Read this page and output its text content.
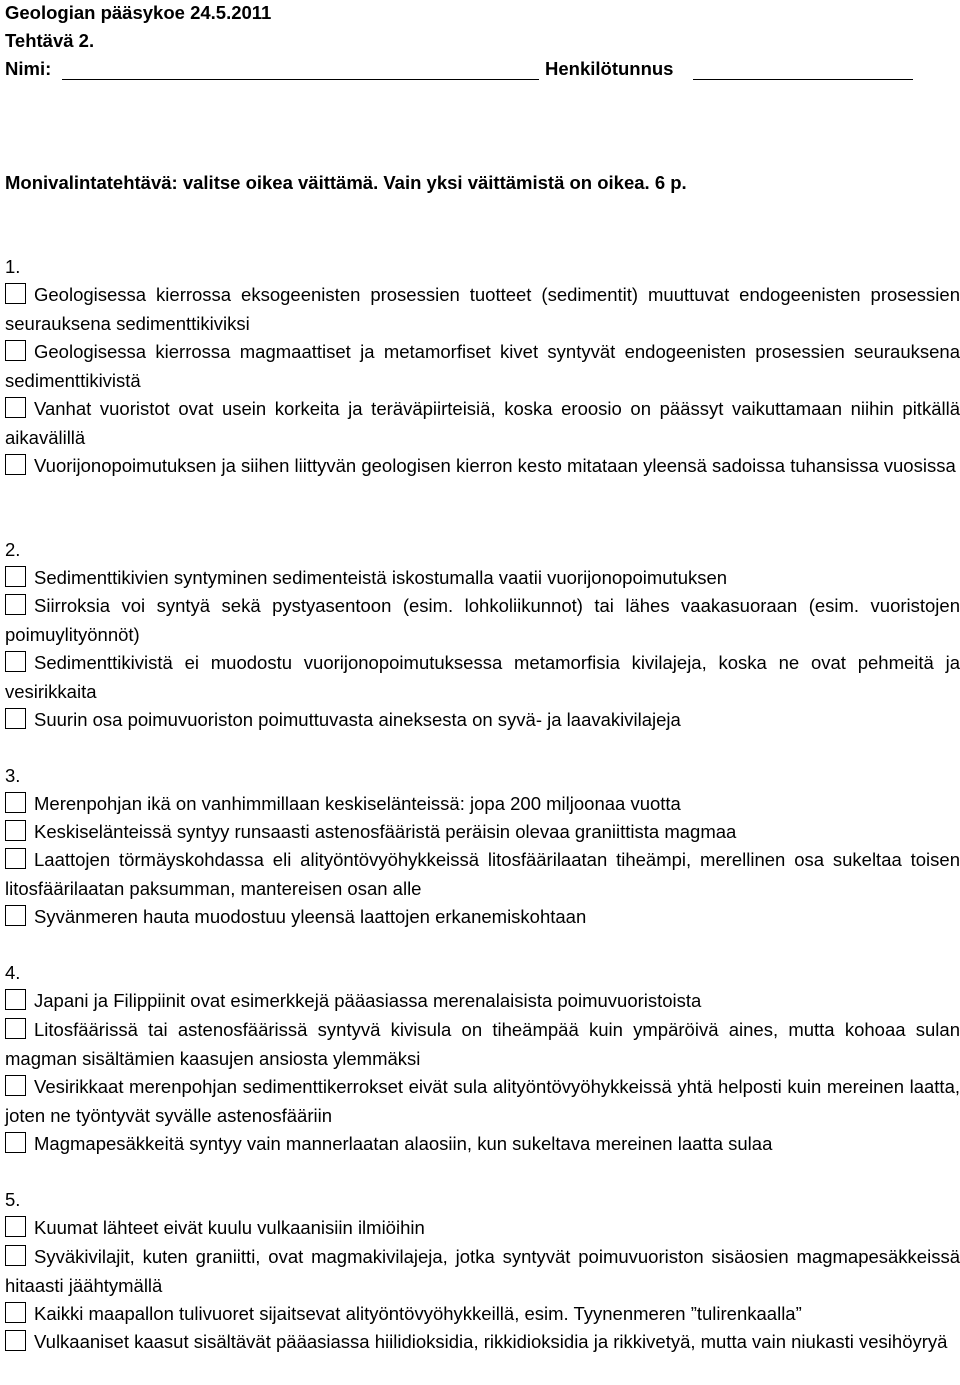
Geologian pääsykoe 24.5.2011
Tehtävä 2.
Nimi:	Henkilötunnus
Monivalintatehtävä: valitse oikea väittämä. Vain yksi väittämistä on oikea. 6 p.
1.
Geologisessa kierrossa eksogeenisten prosessien tuotteet (sedimentit) muuttuvat endogeenisten prosessien seurauksena sedimenttikiviksi
Geologisessa kierrossa magmaattiset ja metamorfiset kivet syntyvät endogeenisten prosessien seurauksena sedimenttikivistä
Vanhat vuoristot ovat usein korkeita ja teräväpiirteisiä, koska eroosio on päässyt vaikuttamaan niihin pitkällä aikavälillä
Vuorijonopoimutuksen ja siihen liittyvän geologisen kierron kesto mitataan yleensä sadoissa tuhansissa vuosissa
2.
Sedimenttikivien syntyminen sedimenteistä iskostumalla vaatii vuorijonopoimutuksen
Siirroksia voi syntyä sekä pystyasentoon (esim. lohkoliikunnot) tai lähes vaakasuoraan (esim. vuoristojen poimuylityönnöt)
Sedimenttikivistä ei muodostu vuorijonopoimutuksessa metamorfisia kivilajeja, koska ne ovat pehmeitä ja vesirikkaita
Suurin osa poimuvuoriston poimuttuvasta aineksesta on syvä- ja laavakivilajeja
3.
Merenpohjan ikä on vanhimmillaan keskiselänteissä: jopa 200 miljoonaa vuotta
Keskiselänteissä syntyy runsaasti astenosfääristä peräisin olevaa graniittista magmaa
Laattojen törmäyskohdassa eli alityöntövyöhykkeissä litosfäärilaatan tiheämpi, merellinen osa sukeltaa toisen litosfäärilaatan paksumman, mantereisen osan alle
Syvänmeren hauta muodostuu yleensä laattojen erkanemiskohtaan
4.
Japani ja Filippiinit ovat esimerkkejä pääasiassa merenalaisista poimuvuoristoista
Litosfäärissä tai astenosfäärissä syntyvä kivisula on tiheämpää kuin ympäröivä aines, mutta kohoaa sulan magman sisältämien kaasujen ansiosta ylemmäksi
Vesirikkaat merenpohjan sedimenttikerrokset eivät sula alityöntövyöhykkeissä yhtä helposti kuin mereinen laatta, joten ne työntyvät syvälle astenosfääriin
Magmapesäkkeitä syntyy vain mannerlaatan alaosiin, kun sukeltava mereinen laatta sulaa
5.
Kuumat lähteet eivät kuulu vulkaanisiin ilmiöihin
Syväkivilajit, kuten graniitti, ovat magmakivilajeja, jotka syntyvät poimuvuoriston sisäosien magmapesäkkeissä hitaasti jäähtymällä
Kaikki maapallon tulivuoret sijaitsevat alityöntövyöhykkeillä, esim. Tyynenmeren ”tulirenkaalla”
Vulkaaniset kaasut sisältävät pääasiassa hiilidioksidia, rikkidioksidia ja rikkivetyä, mutta vain niukasti vesihöyryä
